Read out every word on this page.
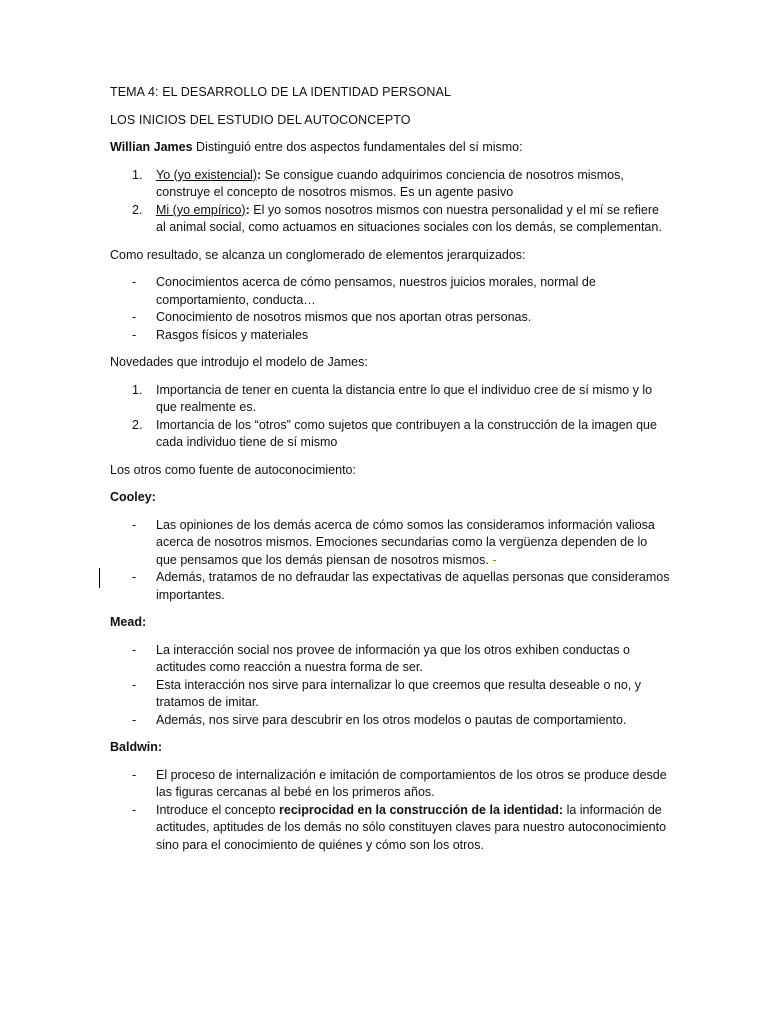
TEMA 4: EL DESARROLLO DE LA IDENTIDAD PERSONAL

LOS INICIOS DEL ESTUDIO DEL AUTOCONCEPTO

Willian James Distinguió entre dos aspectos fundamentales del sí mismo:

1. Yo (yo existencial): Se consigue cuando adquirimos conciencia de nosotros mismos, construye el concepto de nosotros mismos. Es un agente pasivo
2. Mi (yo empírico): El yo somos nosotros mismos con nuestra personalidad y el mí se refiere al animal social, como actuamos en situaciones sociales con los demás, se complementan.

Como resultado, se alcanza un conglomerado de elementos jerarquizados:

- Conocimientos acerca de cómo pensamos, nuestros juicios morales, normal de comportamiento, conducta…
- Conocimiento de nosotros mismos que nos aportan otras personas.
- Rasgos físicos y materiales

Novedades que introdujo el modelo de James:

1. Importancia de tener en cuenta la distancia entre lo que el individuo cree de sí mismo y lo que realmente es.
2. Imortancia de los “otros” como sujetos que contribuyen a la construcción de la imagen que cada individuo tiene de sí mismo

Los otros como fuente de autoconocimiento:

Cooley:

- Las opiniones de los demás acerca de cómo somos las consideramos información valiosa acerca de nosotros mismos. Emociones secundarias como la vergüenza dependen de lo que pensamos que los demás piensan de nosotros mismos. -
- Además, tratamos de no defraudar las expectativas de aquellas personas que consideramos importantes.

Mead:

- La interacción social nos provee de información ya que los otros exhiben conductas o actitudes como reacción a nuestra forma de ser.
- Esta interacción nos sirve para internalizar lo que creemos que resulta deseable o no, y tratamos de imitar.
- Además, nos sirve para descubrir en los otros modelos o pautas de comportamiento.

Baldwin:

- El proceso de internalización e imitación de comportamientos de los otros se produce desde las figuras cercanas al bebé en los primeros años.
- Introduce el concepto reciprocidad en la construcción de la identidad: la información de actitudes, aptitudes de los demás no sólo constituyen claves para nuestro autoconocimiento sino para el conocimiento de quiénes y cómo son los otros.
